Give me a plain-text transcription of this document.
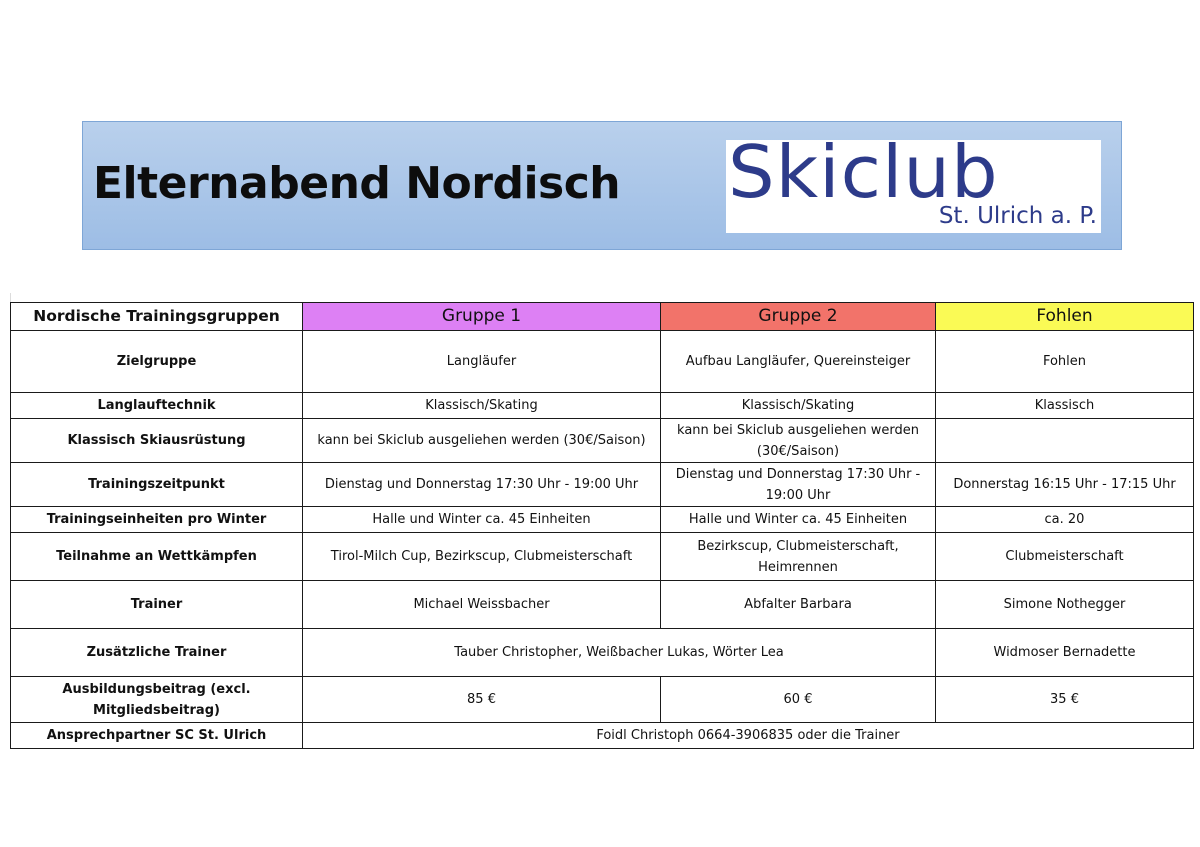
Elternabend Nordisch Skiclub
St. Ulrich a. P.
Nordische Trainingsgruppen	Gruppe 1	Gruppe 2	Fohlen
Zielgruppe	Langläufer	Aufbau Langläufer, Quereinsteiger	Fohlen
Langlauftechnik	Klassisch/Skating	Klassisch/Skating	Klassisch
Klassisch Skiausrüstung	kann bei Skiclub ausgeliehen werden (30€/Saison)	kann bei Skiclub ausgeliehen werden (30€/Saison)	
Trainingszeitpunkt	Dienstag und Donnerstag 17:30 Uhr - 19:00 Uhr	Dienstag und Donnerstag 17:30 Uhr - 19:00 Uhr	Donnerstag 16:15 Uhr - 17:15 Uhr
Trainingseinheiten pro Winter	Halle und Winter ca. 45 Einheiten	Halle und Winter ca. 45 Einheiten	ca. 20
Teilnahme an Wettkämpfen	Tirol-Milch Cup, Bezirkscup, Clubmeisterschaft	Bezirkscup, Clubmeisterschaft, Heimrennen	Clubmeisterschaft
Trainer	Michael Weissbacher	Abfalter Barbara	Simone Nothegger
Zusätzliche Trainer	Tauber Christopher, Weißbacher Lukas, Wörter Lea		Widmoser Bernadette
Ausbildungsbeitrag (excl. Mitgliedsbeitrag)	85 €	60 €	35 €
Ansprechpartner SC St. Ulrich	Foidl Christoph 0664-3906835 oder die Trainer		
